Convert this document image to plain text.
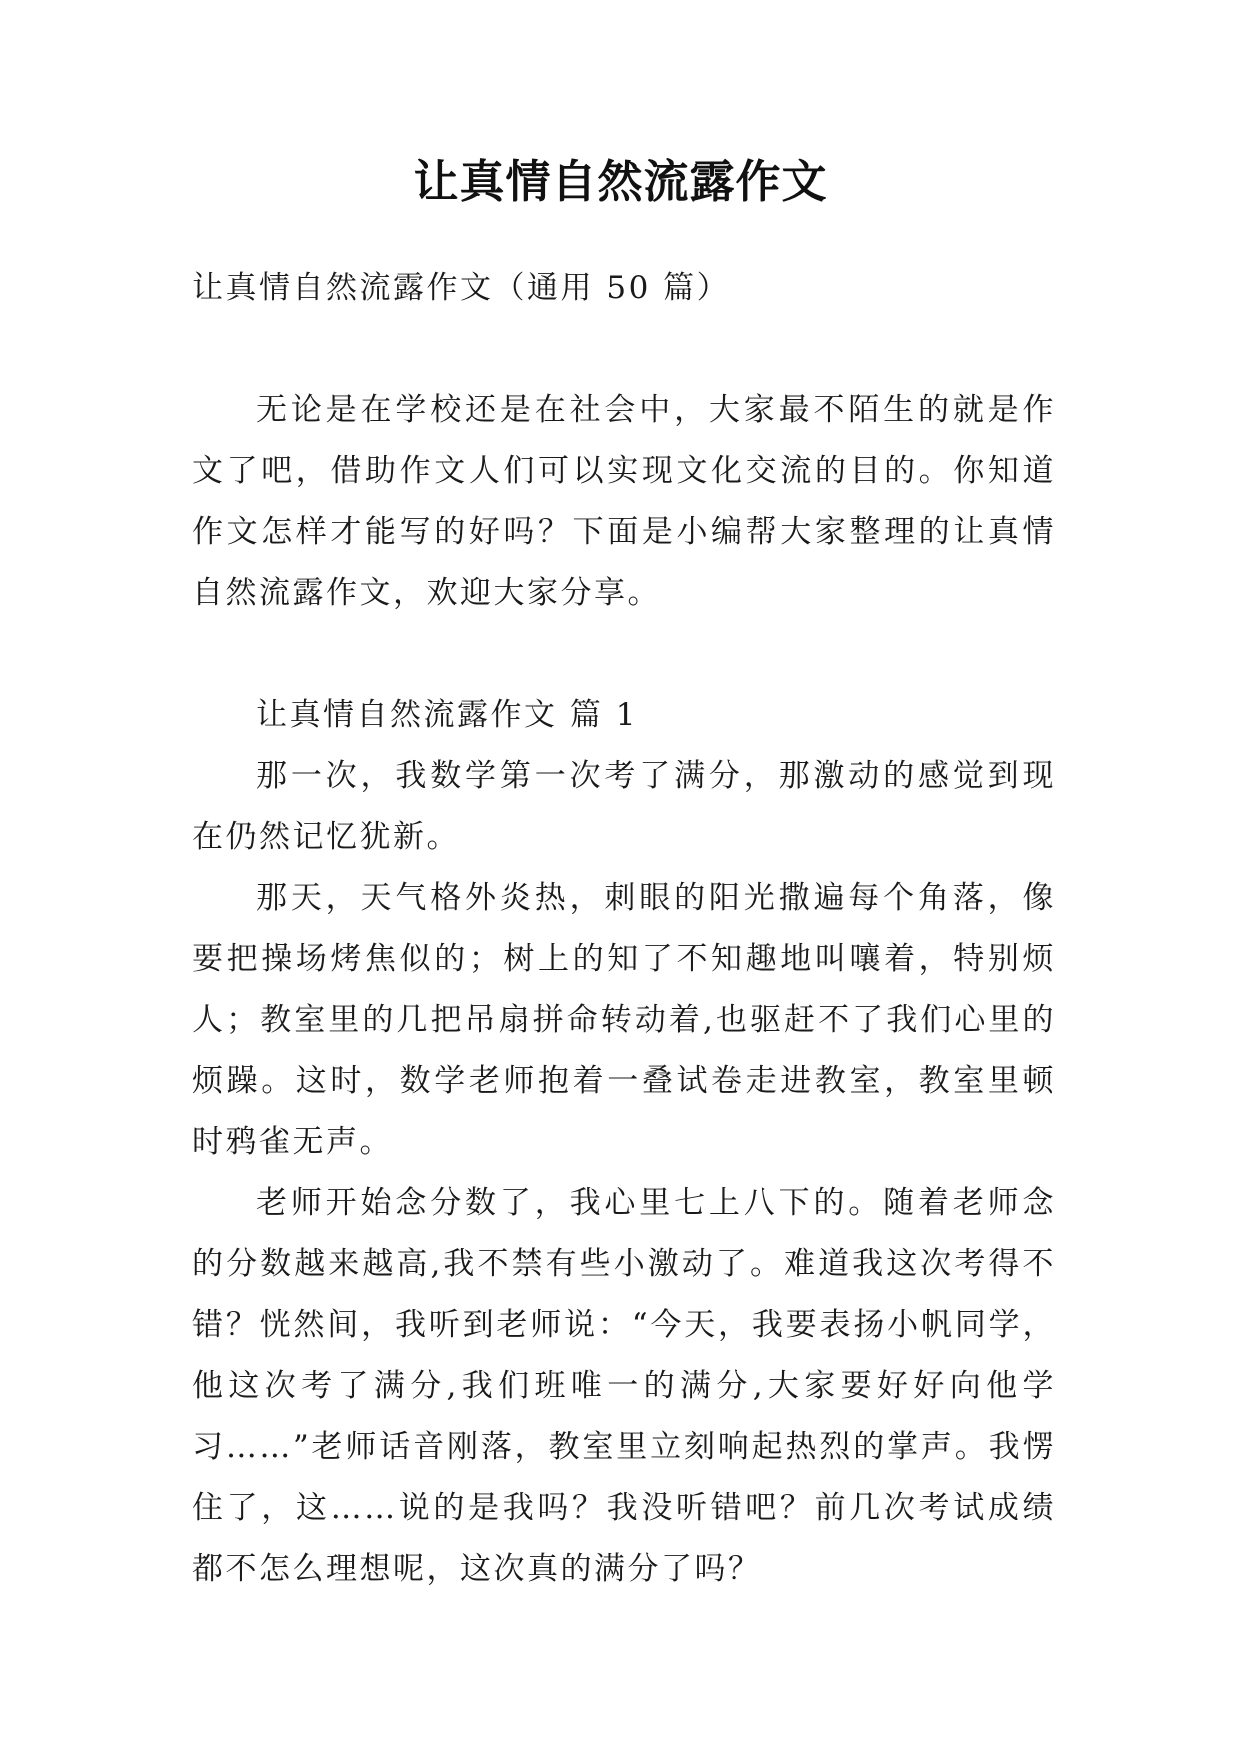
让真情自然流露作文

让真情自然流露作文（通用 50 篇）

无论是在学校还是在社会中，大家最不陌生的就是作文了吧，借助作文人们可以实现文化交流的目的。你知道作文怎样才能写的好吗？下面是小编帮大家整理的让真情自然流露作文，欢迎大家分享。

让真情自然流露作文 篇 1

那一次，我数学第一次考了满分，那激动的感觉到现在仍然记忆犹新。

那天，天气格外炎热，刺眼的阳光撒遍每个角落，像要把操场烤焦似的；树上的知了不知趣地叫嚷着，特别烦人；教室里的几把吊扇拼命转动着,也驱赶不了我们心里的烦躁。这时，数学老师抱着一叠试卷走进教室，教室里顿时鸦雀无声。

老师开始念分数了，我心里七上八下的。随着老师念的分数越来越高,我不禁有些小激动了。难道我这次考得不错？恍然间，我听到老师说：“今天，我要表扬小帆同学，他这次考了满分,我们班唯一的满分,大家要好好向他学习……”老师话音刚落，教室里立刻响起热烈的掌声。我愣住了，这……说的是我吗？我没听错吧？前几次考试成绩都不怎么理想呢，这次真的满分了吗？
